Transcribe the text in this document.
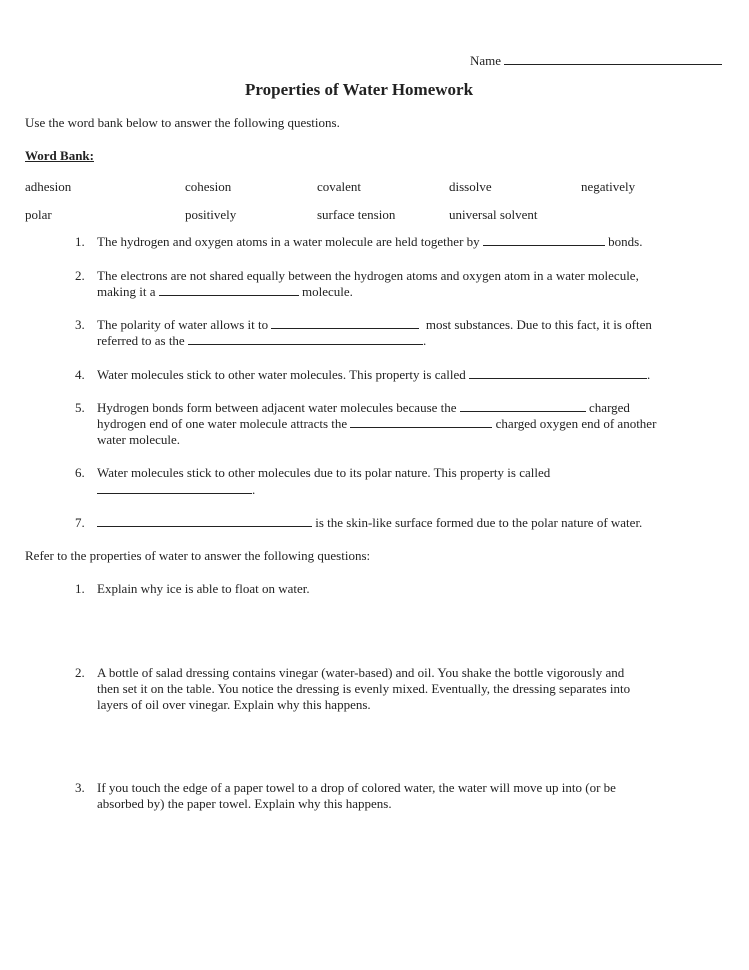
Name
Properties of Water Homework
Use the word bank below to answer the following questions.
Word Bank:
adhesion	cohesion	covalent	dissolve	negatively
polar	positively	surface tension	universal solvent
1. The hydrogen and oxygen atoms in a water molecule are held together by	bonds.
2. The electrons are not shared equally between the hydrogen atoms and oxygen atom in a water molecule,
making it a	molecule.
3. The polarity of water allows it to	most substances. Due to this fact, it is often
referred to as the	.
4. Water molecules stick to other water molecules. This property is called	.
5. Hydrogen bonds form between adjacent water molecules because the	charged
hydrogen end of one water molecule attracts the	charged oxygen end of another
water molecule.
6. Water molecules stick to other molecules due to its polar nature. This property is called
.
7.	is the skin-like surface formed due to the polar nature of water.
Refer to the properties of water to answer the following questions:
1. Explain why ice is able to float on water.
2. A bottle of salad dressing contains vinegar (water-based) and oil. You shake the bottle vigorously and
then set it on the table. You notice the dressing is evenly mixed. Eventually, the dressing separates into
layers of oil over vinegar. Explain why this happens.
3. If you touch the edge of a paper towel to a drop of colored water, the water will move up into (or be
absorbed by) the paper towel. Explain why this happens.
